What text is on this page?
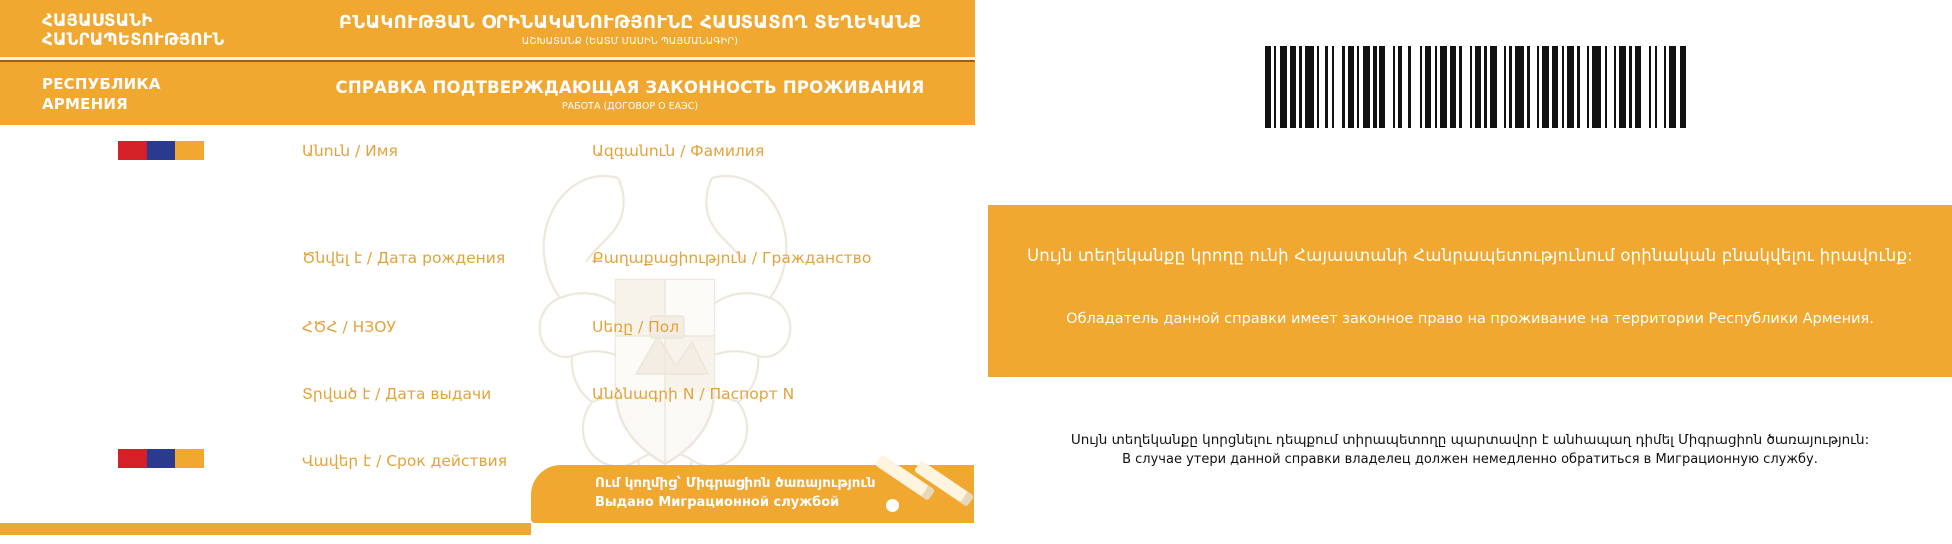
ՀԱՅԱՍՏԱՆԻ
ՀԱՆՐԱՊԵՏՈՒԹՅՈՒՆ
ԲՆԱԿՈՒԹՅԱՆ ՕՐԻՆԱԿԱՆՈՒԹՅՈՒՆԸ ՀԱՍՏԱՏՈՂ ՏԵՂԵԿԱՆՔ
ԱՇԽԱՏԱՆՔ (ԵԱՏՄ ՄԱՍԻՆ ՊԱՅՄԱՆԱԳԻՐ)
РЕСПУБЛИКА
АРМЕНИЯ
СПРАВКА ПОДТВЕРЖДАЮЩАЯ ЗАКОННОСТЬ ПРОЖИВАНИЯ
РАБОТА (ДОГОВОР О ЕАЭС)
Անուն / Имя	Ազգանուն / Фамилия
Ծնվել է / Дата рождения	Քաղաքացիություն / Гражданство
ՀԾՀ / НЗОУ	Սեռը / Пол
Տրված է / Дата выдачи	Անձնագրի N / Паспорт N
Վավեր է / Срок действия
Ում կողմից՝ Միգրացիոն ծառայություն
Выдано Миграционной службой
Սույն տեղեկանքը կրողը ունի Հայաստանի Հանրապետությունում օրինական բնակվելու իրավունք:
Обладатель данной справки имеет законное право на проживание на территории Республики Армения.
Սույն տեղեկանքը կորցնելու դեպքում տիրապետողը պարտավոր է անհապաղ դիմել Միգրացիոն ծառայություն:
В случае утери данной справки владелец должен немедленно обратиться в Миграционную службу.
